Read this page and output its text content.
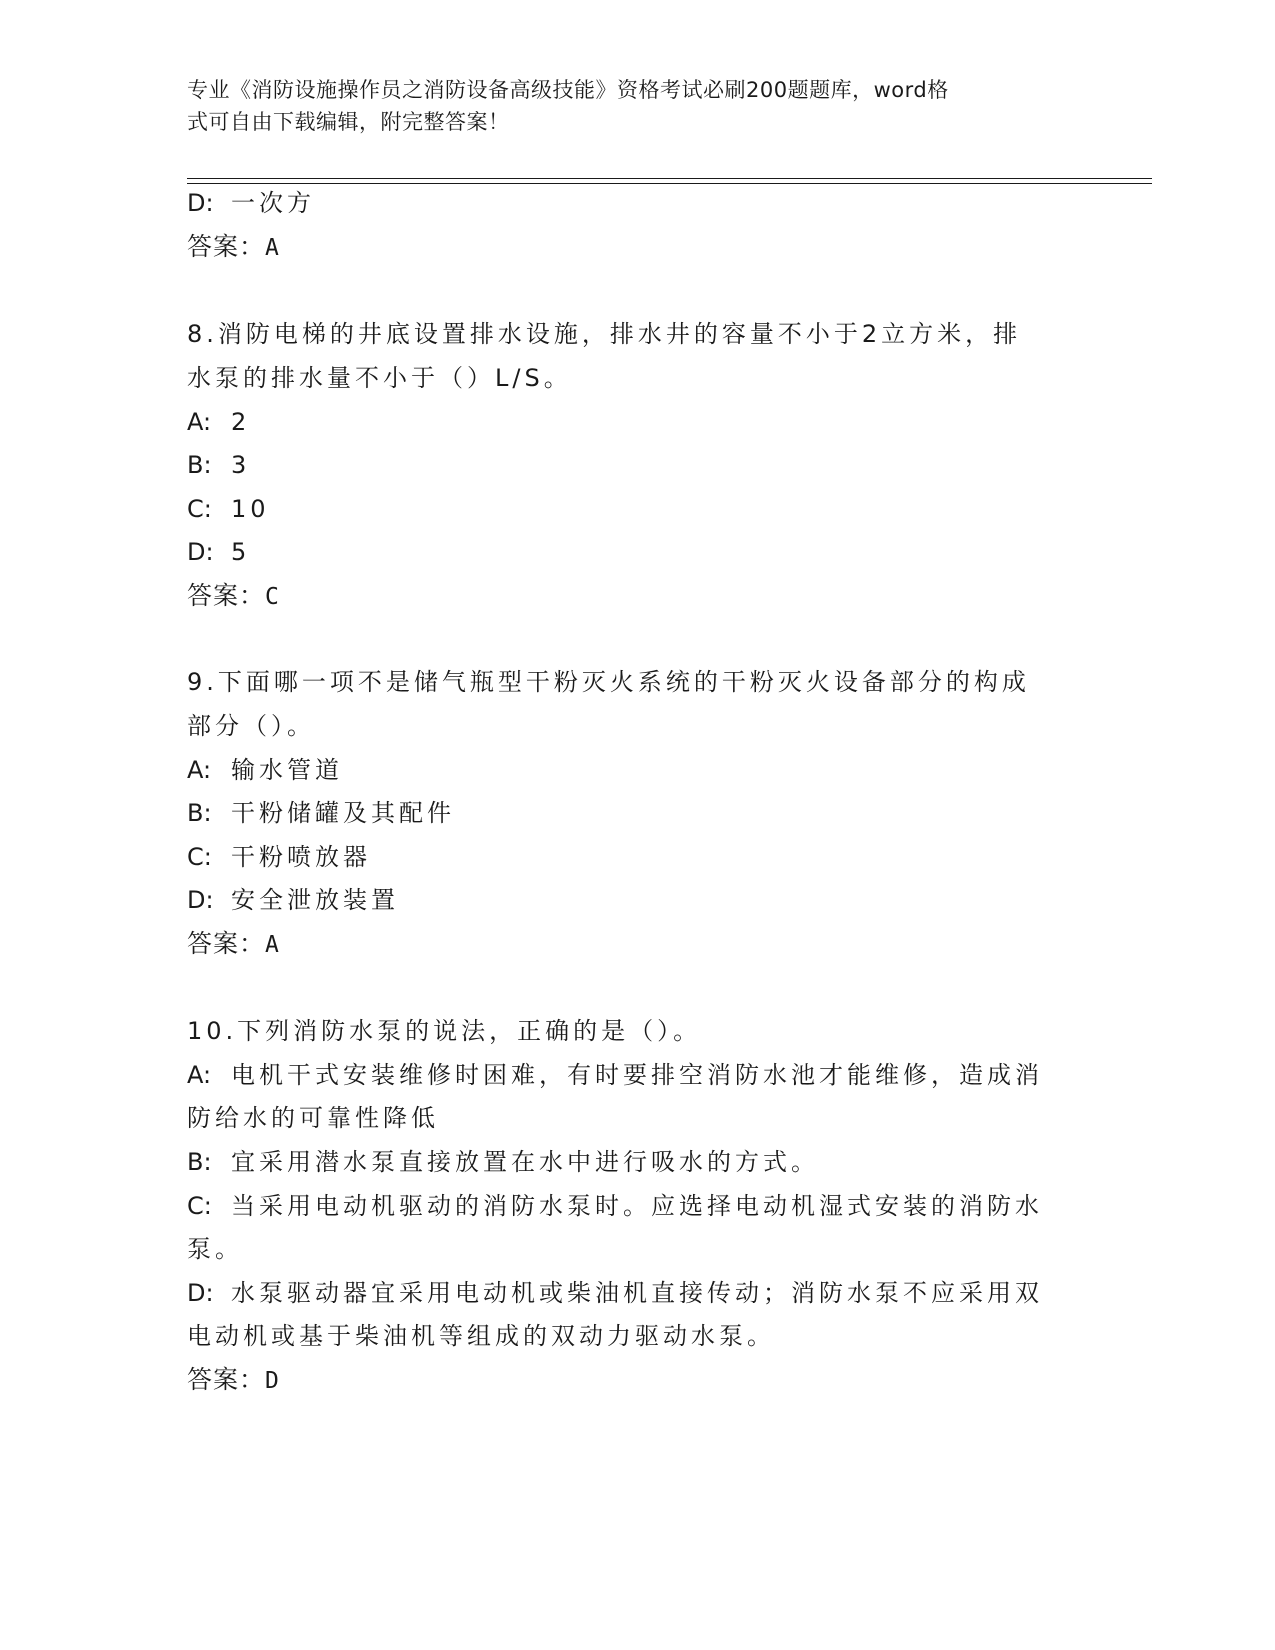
专业《消防设施操作员之消防设备高级技能》资格考试必刷200题题库，word格
式可自由下载编辑，附完整答案！
D: 一次方
答案：A
8.消防电梯的井底设置排水设施，排水井的容量不小于2立方米，排
水泵的排水量不小于（）L/S。
A: 2
B: 3
C: 10
D: 5
答案：C
9.下面哪一项不是储气瓶型干粉灭火系统的干粉灭火设备部分的构成
部分（）。
A: 输水管道
B: 干粉储罐及其配件
C: 干粉喷放器
D: 安全泄放装置
答案：A
10.下列消防水泵的说法，正确的是（）。
A: 电机干式安装维修时困难，有时要排空消防水池才能维修，造成消
防给水的可靠性降低
B: 宜采用潜水泵直接放置在水中进行吸水的方式。
C: 当采用电动机驱动的消防水泵时。应选择电动机湿式安装的消防水
泵。
D: 水泵驱动器宜采用电动机或柴油机直接传动；消防水泵不应采用双
电动机或基于柴油机等组成的双动力驱动水泵。
答案：D
